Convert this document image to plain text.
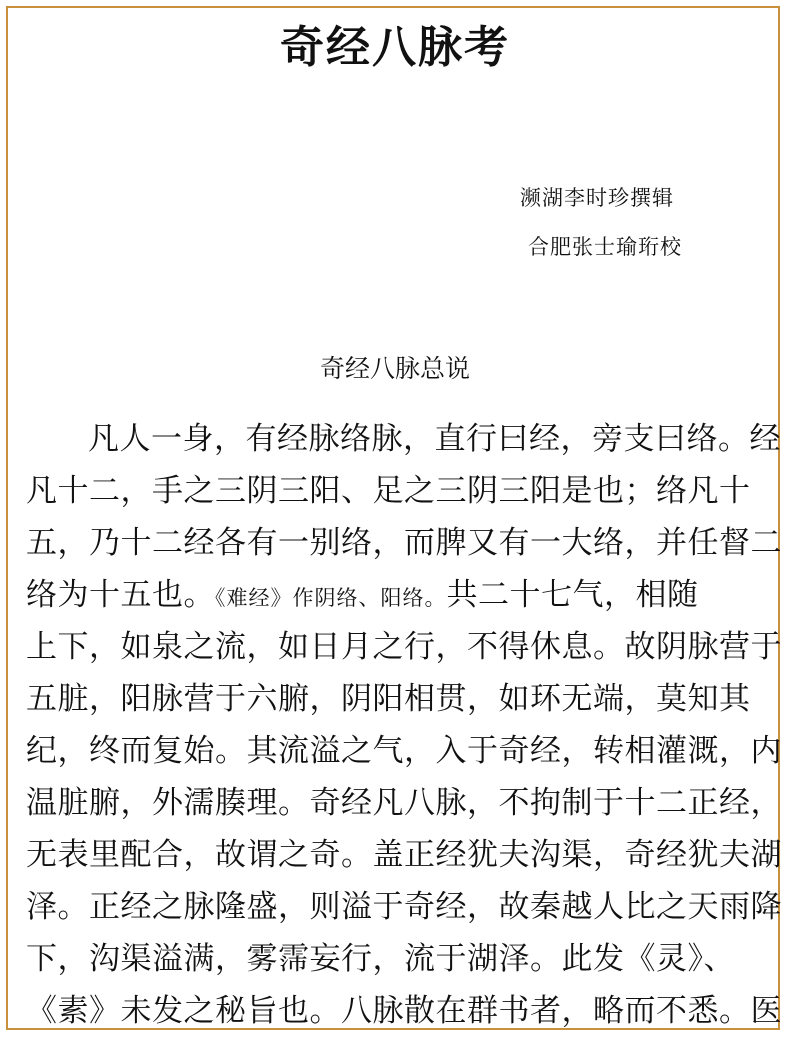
奇经八脉考
濒湖李时珍撰辑
合肥张士瑜珩校
奇经八脉总说
凡人一身，有经脉络脉，直行曰经，旁支曰络。经
凡十二，手之三阴三阳、足之三阴三阳是也；络凡十
五，乃十二经各有一别络，而脾又有一大络，并任督二
络为十五也。《难经》作阴络、阳络。共二十七气，相随
上下，如泉之流，如日月之行，不得休息。故阴脉营于
五脏，阳脉营于六腑，阴阳相贯，如环无端，莫知其
纪，终而复始。其流溢之气，入于奇经，转相灌溉，内
温脏腑，外濡腠理。奇经凡八脉，不拘制于十二正经，
无表里配合，故谓之奇。盖正经犹夫沟渠，奇经犹夫湖
泽。正经之脉隆盛，则溢于奇经，故秦越人比之天雨降
下，沟渠溢满，雾霈妄行，流于湖泽。此发《灵》、
《素》未发之秘旨也。八脉散在群书者，略而不悉。医
